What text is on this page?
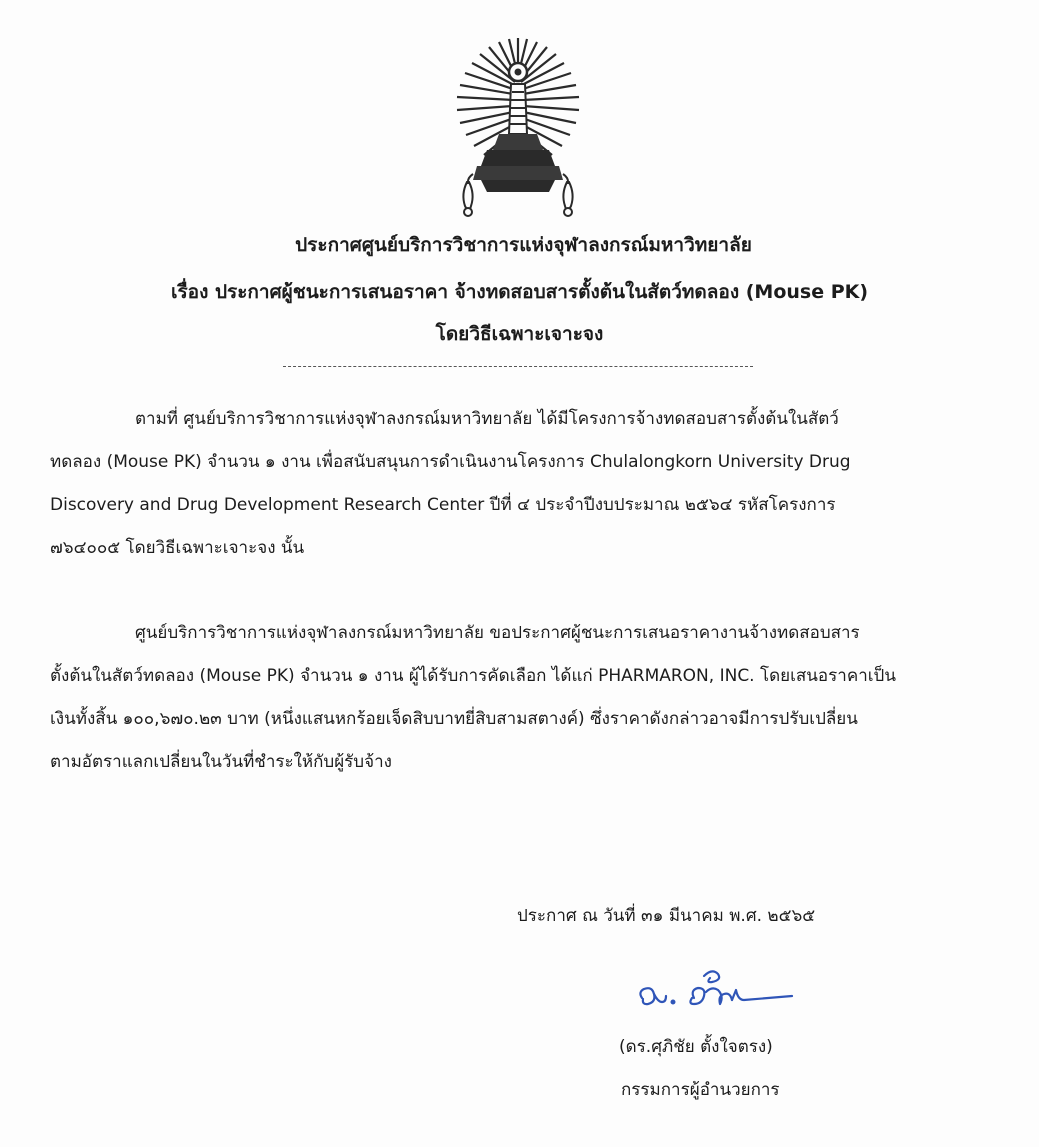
ประกาศศูนย์บริการวิชาการแห่งจุฬาลงกรณ์มหาวิทยาลัย
เรื่อง ประกาศผู้ชนะการเสนอราคา จ้างทดสอบสารตั้งต้นในสัตว์ทดลอง (Mouse PK)
โดยวิธีเฉพาะเจาะจง
ตามที่ ศูนย์บริการวิชาการแห่งจุฬาลงกรณ์มหาวิทยาลัย ได้มีโครงการจ้างทดสอบสารตั้งต้นในสัตว์
ทดลอง (Mouse PK) จำนวน ๑ งาน เพื่อสนับสนุนการดำเนินงานโครงการ Chulalongkorn University Drug
Discovery and Drug Development Research Center ปีที่ ๔ ประจำปีงบประมาณ ๒๕๖๔ รหัสโครงการ
๗๖๔๐๐๕ โดยวิธีเฉพาะเจาะจง นั้น
ศูนย์บริการวิชาการแห่งจุฬาลงกรณ์มหาวิทยาลัย ขอประกาศผู้ชนะการเสนอราคางานจ้างทดสอบสาร
ตั้งต้นในสัตว์ทดลอง (Mouse PK) จำนวน ๑ งาน ผู้ได้รับการคัดเลือก ได้แก่ PHARMARON, INC. โดยเสนอราคาเป็น
เงินทั้งสิ้น ๑๐๐,๖๗๐.๒๓ บาท (หนึ่งแสนหกร้อยเจ็ดสิบบาทยี่สิบสามสตางค์) ซึ่งราคาดังกล่าวอาจมีการปรับเปลี่ยน
ตามอัตราแลกเปลี่ยนในวันที่ชำระให้กับผู้รับจ้าง
ประกาศ ณ วันที่ ๓๑ มีนาคม พ.ศ. ๒๕๖๕
(ดร.ศุภิชัย ตั้งใจตรง)
กรรมการผู้อำนวยการ
